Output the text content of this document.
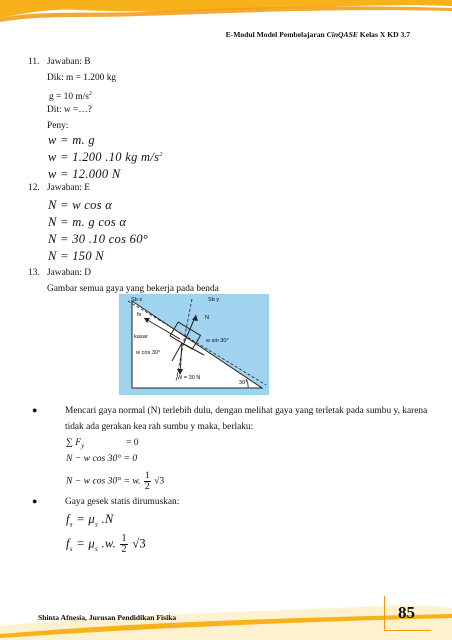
E-Modul Model Pembelajaran CinQASE Kelas X KD 3.7
11. Jawaban: B
Dik: m = 1.200 kg
g = 10 $m/s^2$
Dit: w =…?
Peny:
w = m. g
w = 1.200 .10 kg $m/s^2$
w = 12.000 N
12. Jawaban: E
N = w cos α
N = m. g cos α
N = 30 .10 cos 60°
N = 150 N
13. Jawaban: D
Gambar semua gaya yang bekerja pada benda
Sb x	Sb y
fs	N
kasar
w sin 30°
w cos 30°
W = 30 N
30°
●	Mencari gaya normal (N) terlebih dulu, dengan melihat gaya yang terletak pada sumbu y, karena
tidak ada gerakan kea rah sumbu y maka, berlaku:
∑ $F_y$	= 0
N − w cos 30° = 0
N − w cos 30° = w. $\frac{1}{2} √3$
●	Gaya gesek statis dirumuskan:
$f_s = \mu_s$ .N
$f_s = \mu_s$ .w. $\frac{1}{2} √3$
Shinta Afnesia, Jurusan Pendidikan Fisika	85
